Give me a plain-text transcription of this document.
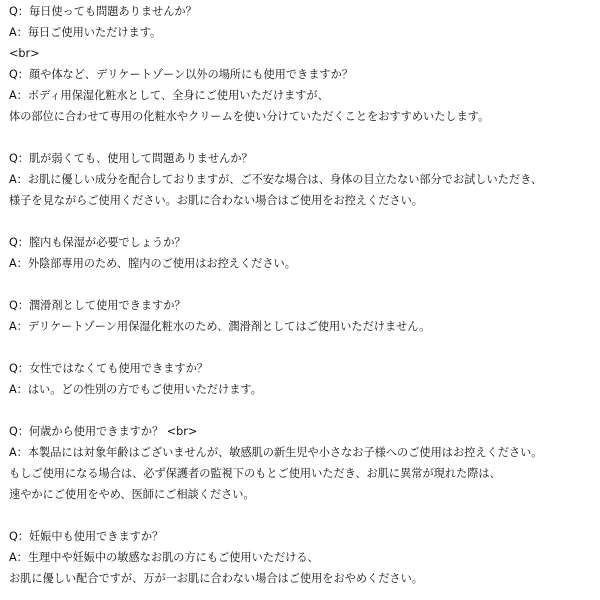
Q：毎日使っても問題ありませんか？
A：毎日ご使用いただけます。
<br>
Q：顔や体など、デリケートゾーン以外の場所にも使用できますか？
A：ボディ用保湿化粧水として、全身にご使用いただけますが、
体の部位に合わせて専用の化粧水やクリームを使い分けていただくことをおすすめいたします。
Q：肌が弱くても、使用して問題ありませんか？
A：お肌に優しい成分を配合しておりますが、ご不安な場合は、身体の目立たない部分でお試しいただき、
様子を見ながらご使用ください。お肌に合わない場合はご使用をお控えください。
Q：膣内も保湿が必要でしょうか？
A：外陰部専用のため、膣内のご使用はお控えください。
Q：潤滑剤として使用できますか？
A：デリケートゾーン用保湿化粧水のため、潤滑剤としてはご使用いただけません。
Q：女性ではなくても使用できますか？
A：はい。どの性別の方でもご使用いただけます。
Q：何歳から使用できますか？ <br>
A：本製品には対象年齢はございませんが、敏感肌の新生児や小さなお子様へのご使用はお控えください。
もしご使用になる場合は、必ず保護者の監視下のもとご使用いただき、お肌に異常が現れた際は、
速やかにご使用をやめ、医師にご相談ください。
Q：妊娠中も使用できますか？
A：生理中や妊娠中の敏感なお肌の方にもご使用いただける、
お肌に優しい配合ですが、万が一お肌に合わない場合はご使用をおやめください。
